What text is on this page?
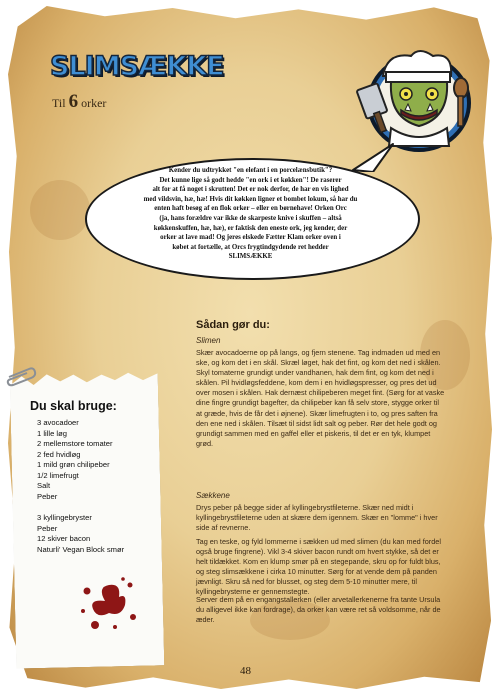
SLIMSÆKKE
Til 6 orker

Kender du udtrykket "en elefant i en porcelænsbutik"?
Det kunne lige så godt hedde "en ork i et køkken"! De raserer
alt for at få noget i skrutten! Det er nok derfor, de har en vis lighed
med vildsvin, hæ, hæ! Hvis dit køkken ligner et bombet lokum, så har du
enten haft besøg af en flok orker – eller en børnehave! Orken Orc
(ja, hans forældre var ikke de skarpeste knive i skuffen – altså
køkkenskuffen, hæ, hæ), er faktisk den eneste ork, jeg kender, der
orker at lave mad! Og jeres elskede Fætter Klam orker oven i
købet at fortælle, at Orcs frygtindgydende ret hedder
SLIMSÆKKE

Du skal bruge:
3 avocadoer
1 lille løg
2 mellemstore tomater
2 fed hvidløg
1 mild grøn chilipeber
1/2 limefrugt
Salt
Peber
3 kyllingebryster
Peber
12 skiver bacon
Naturli' Vegan Block smør
Sådan gør du:

Slimen

Skær avocadoerne op på langs, og fjern stenene. Tag indmaden ud med en ske, og kom det i en skål. Skræl løget, hak det fint, og kom det ned i skålen. Skyl tomaterne grundigt under vandhanen, hak dem fint, og kom det ned i skålen. Pil hvidløgsfeddene, kom dem i en hvidløgspresser, og pres det ud over mosen i skålen. Hak dernæst chilipeberen meget fint. (Sørg for at vaske dine fingre grundigt bagefter, da chilipeber kan få selv store, stygge orker til at græde, hvis de får det i øjnene). Skær limefrugten i to, og pres saften fra den ene ned i skålen. Tilsæt til sidst lidt salt og peber. Rør det hele godt og grundigt sammen med en gaffel eller et piskeris, til det er en tyk, klumpet grød.

Sækkene

Drys peber på begge sider af kyllingebrystfileterne. Skær ned midt i kyllingebrystfileterne uden at skære dem igennem. Skær en "lomme" i hver side af revnerne.

Tag en teske, og fyld lommerne i sækken ud med slimen (du kan med fordel også bruge fingrene). Vikl 3-4 skiver bacon rundt om hvert stykke, så det er helt tildækket. Kom en klump smør på en stegepande, skru op for fuldt blus, og steg slimsækkene i cirka 10 minutter. Sørg for at vende dem på panden jævnligt. Skru så ned for blusset, og steg dem 5-10 minutter mere, til kyllingebrysterne er gennemstegte.

Server dem på en engangstallerken (eller arvetallerkenerne fra tante Ursula du alligevel ikke kan fordrage), da orker kan være ret så voldsomme, når de æder.

48
